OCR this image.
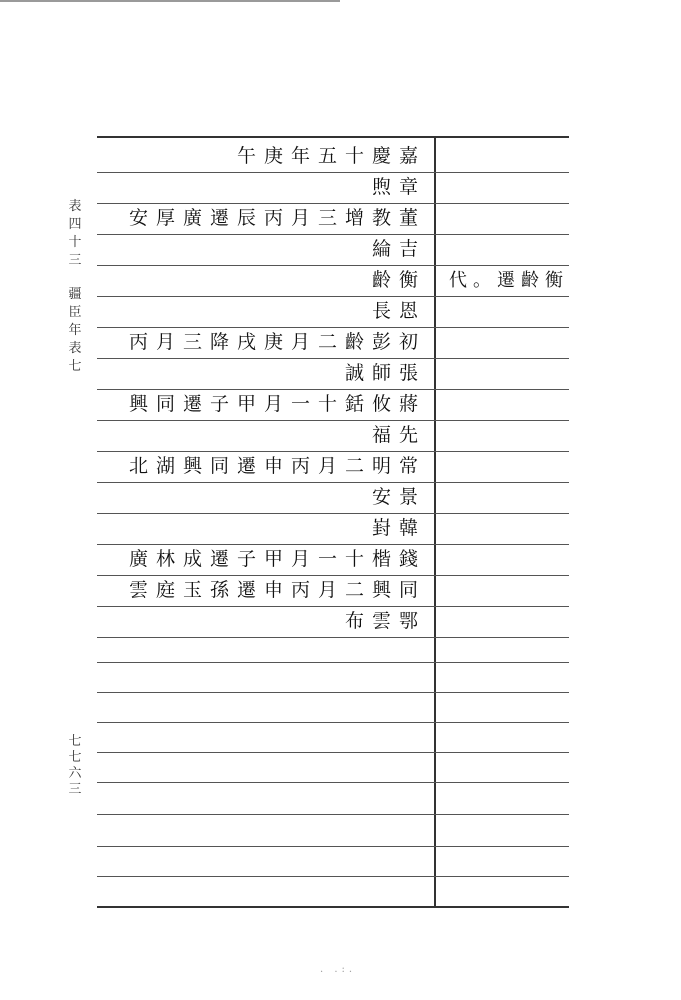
表
四
十
三
疆
臣
年
表
七
七 七 六 三
午庚年五十慶嘉
煦章
安厚廣遷辰丙月三增教董
綸吉
齡衡
長恩
丙月三降戌庚月二齡彭初
誠師張
興同遷子甲月一十銛攸蔣
福先
北湖興同遷申丙月二明常
安景
崶韓
廣林成遷子甲月一十楷錢
雲庭玉孫遷申丙月二興同
布雲鄂
代。遷齡衡
. .:.
